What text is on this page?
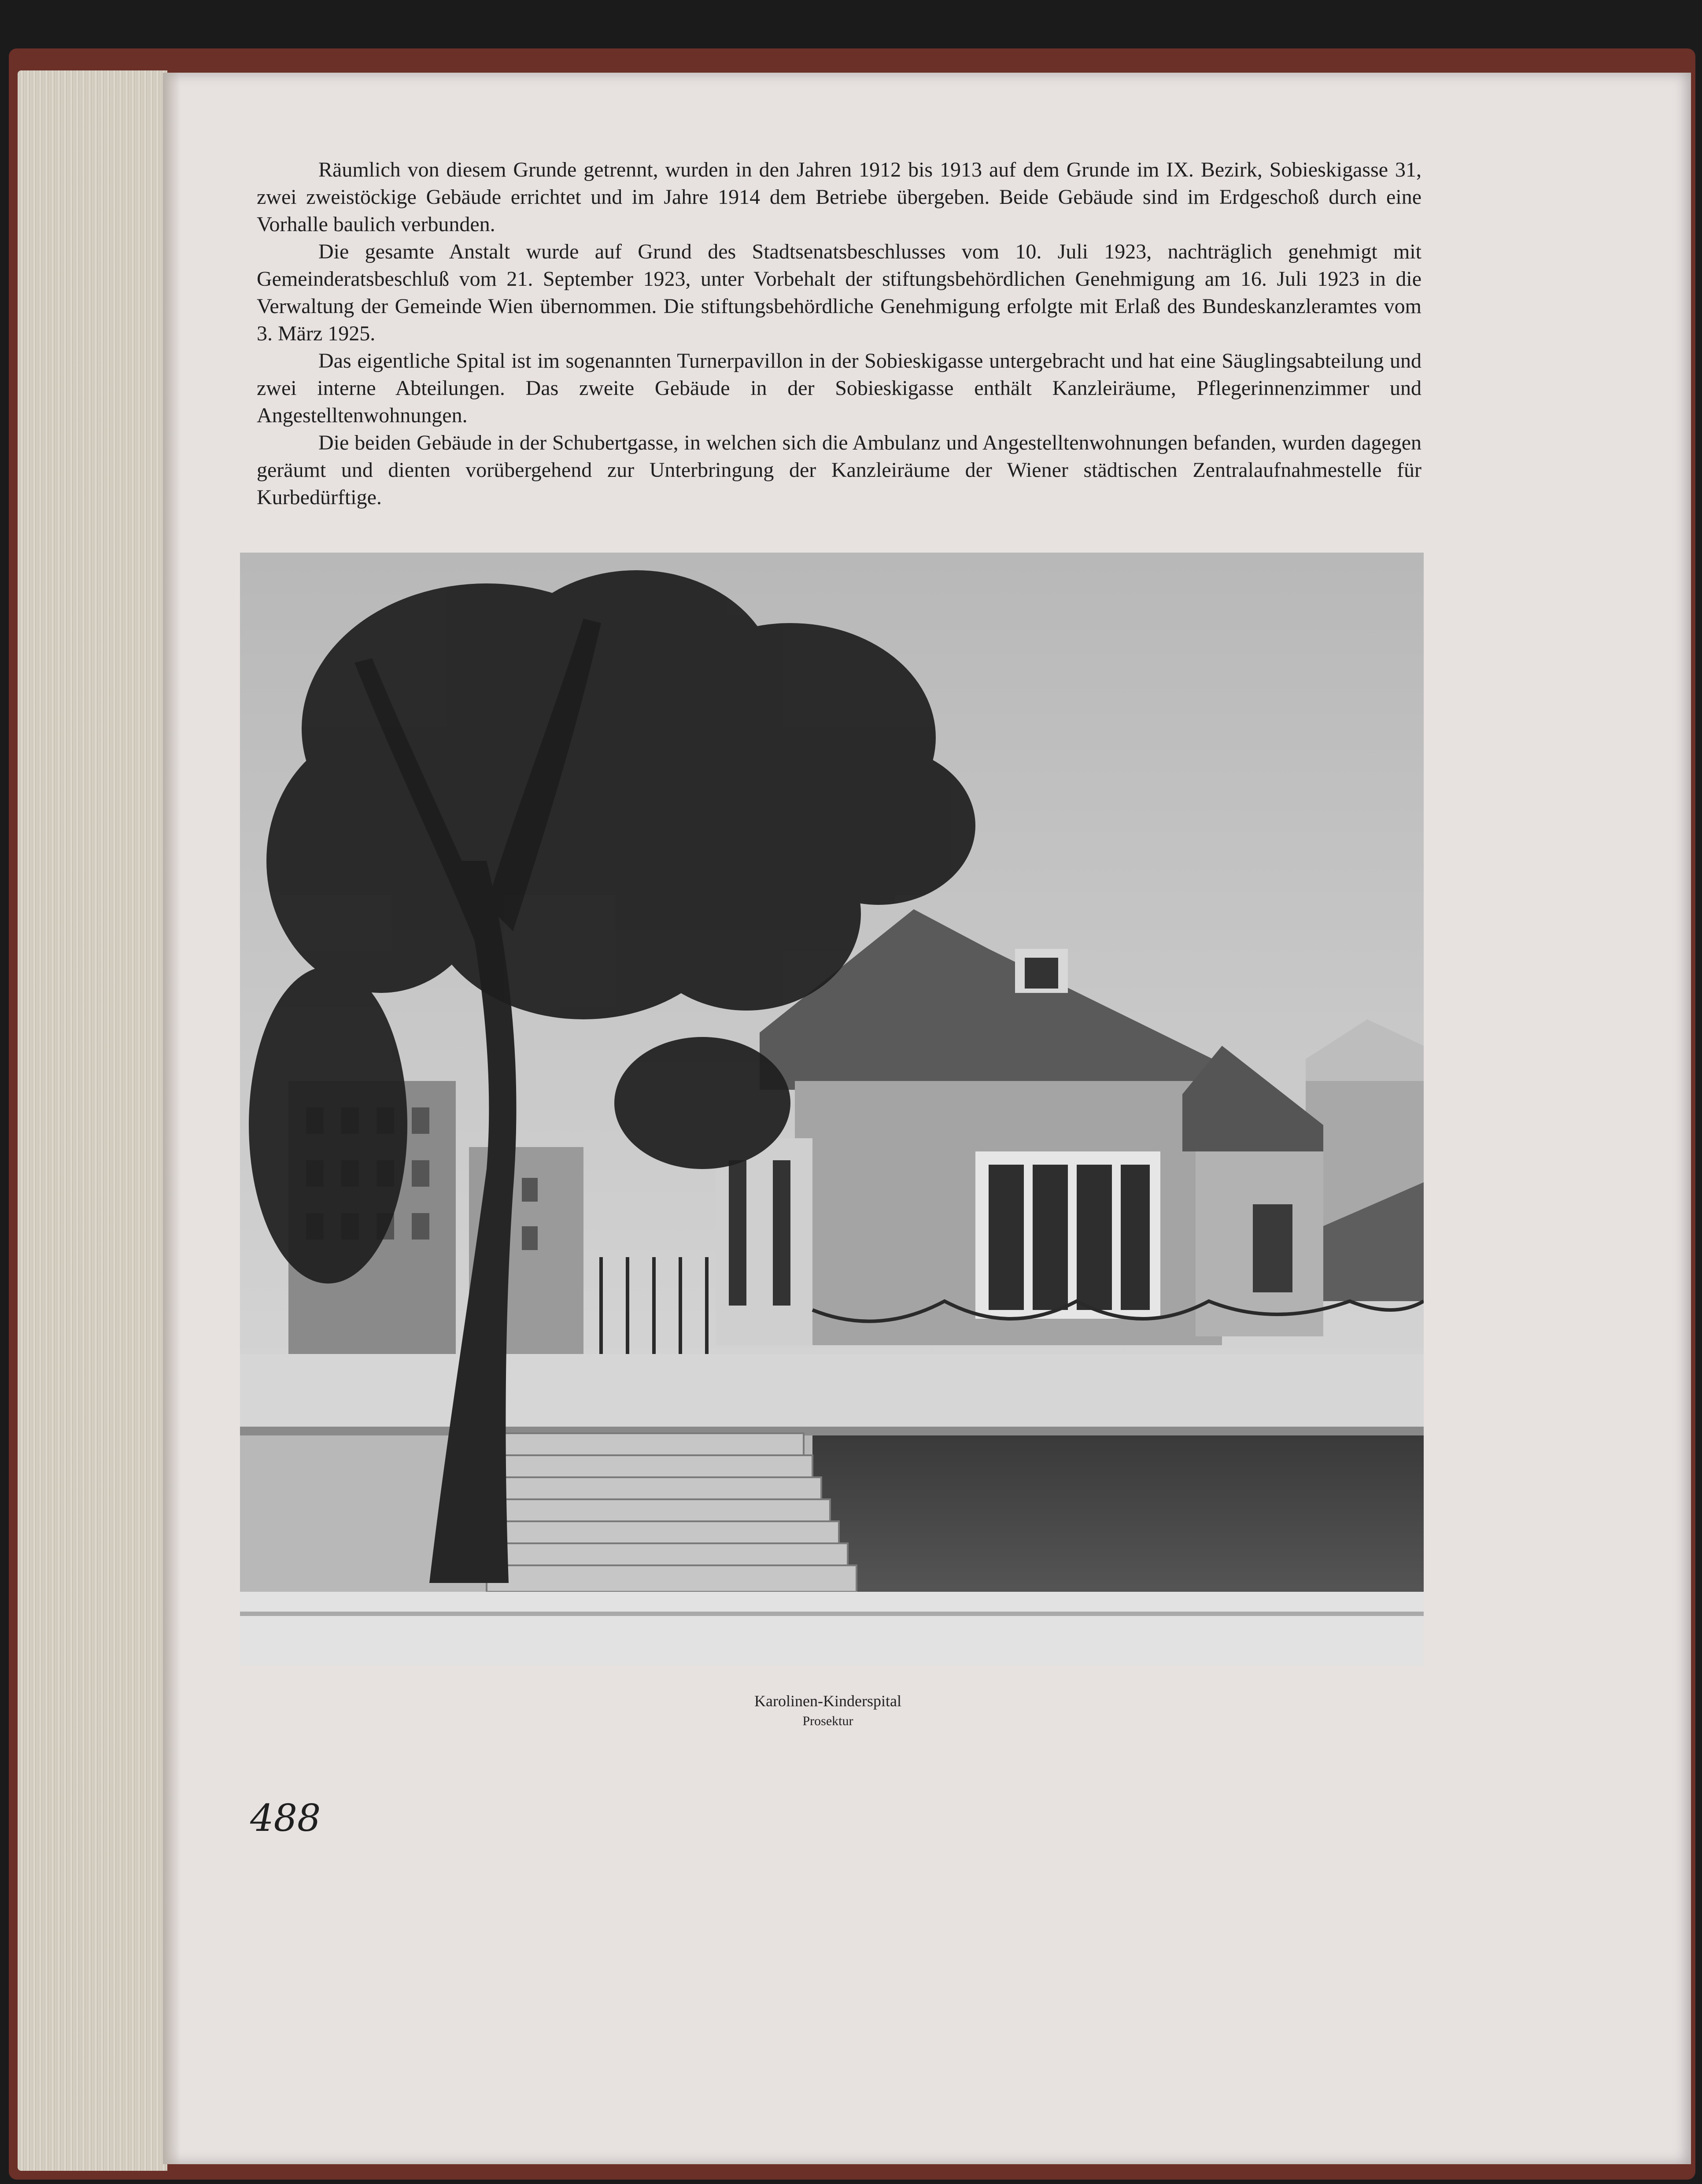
Räumlich von diesem Grunde getrennt, wurden in den Jahren 1912 bis 1913 auf dem Grunde im IX. Bezirk, Sobieskigasse 31, zwei zweistöckige Gebäude errichtet und im Jahre 1914 dem Betriebe übergeben. Beide Gebäude sind im Erdgeschoß durch eine Vorhalle baulich verbunden.

Die gesamte Anstalt wurde auf Grund des Stadtsenatsbeschlusses vom 10. Juli 1923, nachträglich genehmigt mit Gemeinderatsbeschluß vom 21. September 1923, unter Vorbehalt der stiftungsbehördlichen Genehmigung am 16. Juli 1923 in die Verwaltung der Gemeinde Wien übernommen. Die stiftungsbehördliche Genehmigung erfolgte mit Erlaß des Bundeskanzleramtes vom 3. März 1925.

Das eigentliche Spital ist im sogenannten Turnerpavillon in der Sobieskigasse untergebracht und hat eine Säuglingsabteilung und zwei interne Abteilungen. Das zweite Gebäude in der Sobieskigasse enthält Kanzleiräume, Pflegerinnenzimmer und Angestelltenwohnungen.

Die beiden Gebäude in der Schubertgasse, in welchen sich die Ambulanz und Angestelltenwohnungen befanden, wurden dagegen geräumt und dienten vorübergehend zur Unterbringung der Kanzleiräume der Wiener städtischen Zentralaufnahmestelle für Kurbedürftige.

Karolinen-Kinderspital
Prosektur
488
